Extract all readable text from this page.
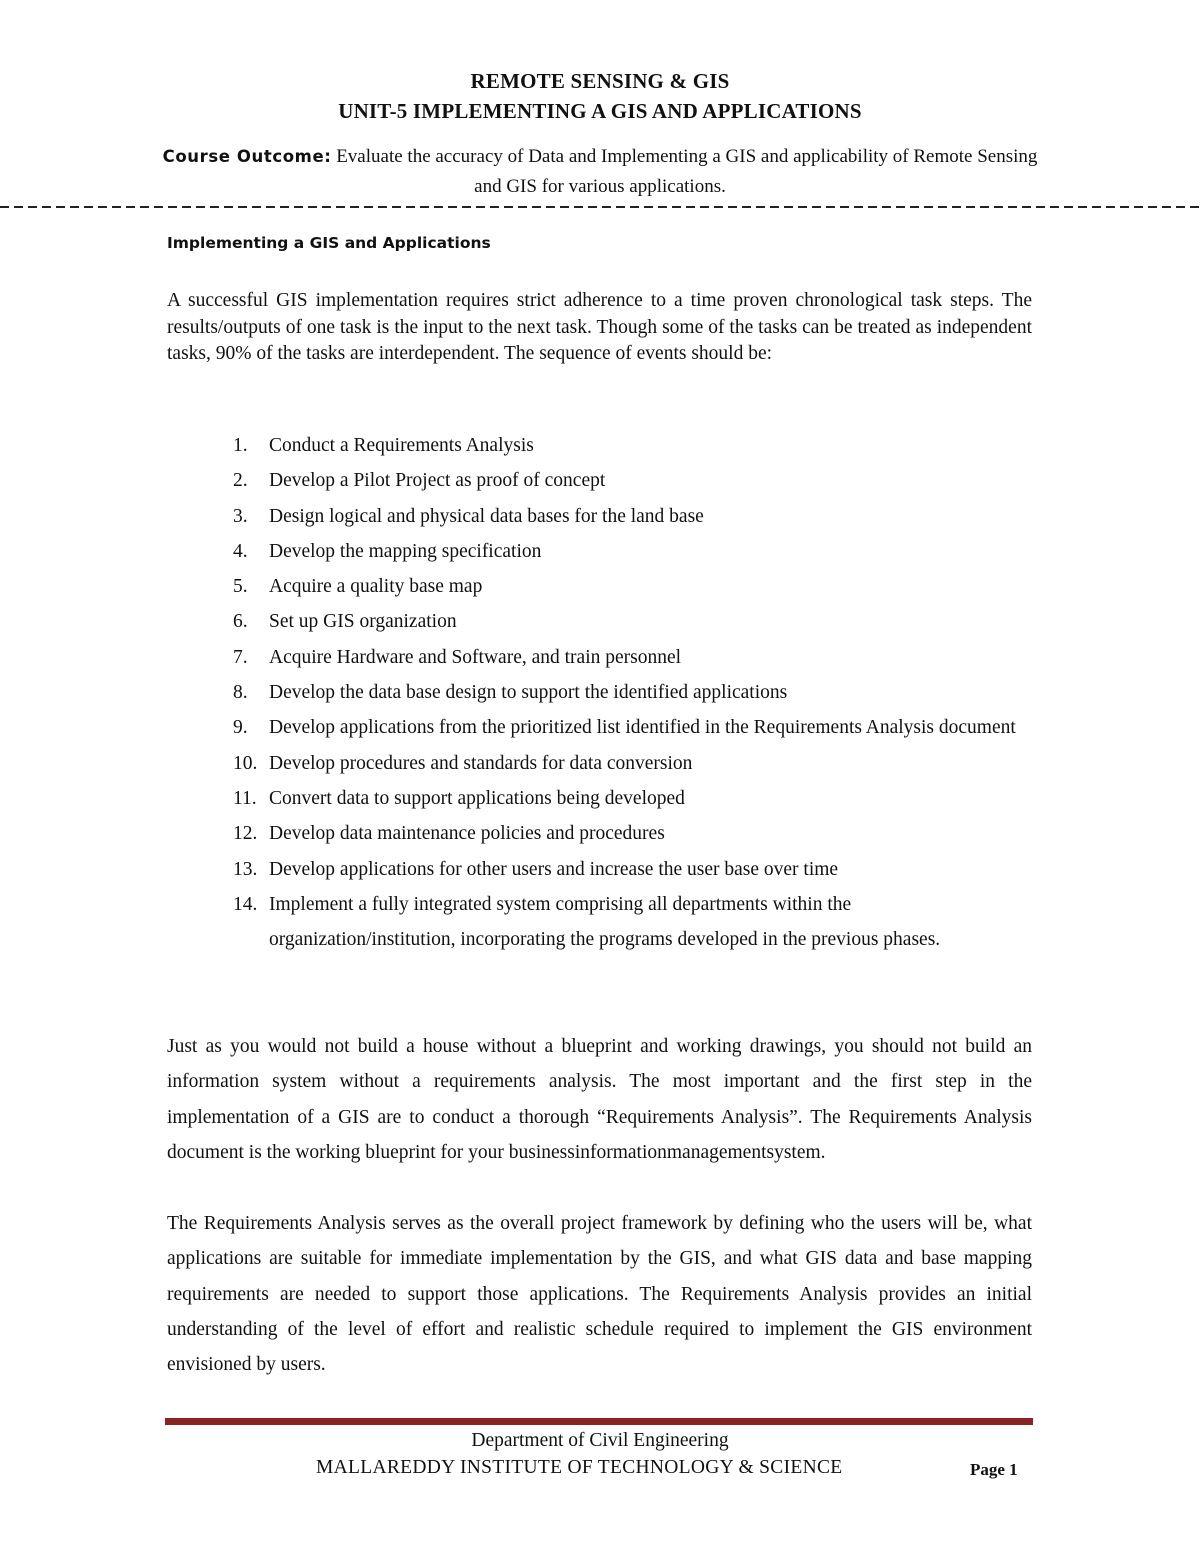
REMOTE SENSING & GIS
UNIT-5 IMPLEMENTING A GIS AND APPLICATIONS
Course Outcome: Evaluate the accuracy of Data and Implementing a GIS and applicability of Remote Sensing and GIS for various applications.
Implementing a GIS and Applications

A successful GIS implementation requires strict adherence to a time proven chronological task steps. The results/outputs of one task is the input to the next task. Though some of the tasks can be treated as independent tasks, 90% of the tasks are interdependent. The sequence of events should be:

1. Conduct a Requirements Analysis
2. Develop a Pilot Project as proof of concept
3. Design logical and physical data bases for the land base
4. Develop the mapping specification
5. Acquire a quality base map
6. Set up GIS organization
7. Acquire Hardware and Software, and train personnel
8. Develop the data base design to support the identified applications
9. Develop applications from the prioritized list identified in the Requirements Analysis document
10. Develop procedures and standards for data conversion
11. Convert data to support applications being developed
12. Develop data maintenance policies and procedures
13. Develop applications for other users and increase the user base over time
14. Implement a fully integrated system comprising all departments within the organization/institution, incorporating the programs developed in the previous phases.

Just as you would not build a house without a blueprint and working drawings, you should not build an information system without a requirements analysis. The most important and the first step in the implementation of a GIS are to conduct a thorough “Requirements Analysis”. The Requirements Analysis document is the working blueprint for your businessinformationmanagementsystem.

The Requirements Analysis serves as the overall project framework by defining who the users will be, what applications are suitable for immediate implementation by the GIS, and what GIS data and base mapping requirements are needed to support those applications. The Requirements Analysis provides an initial understanding of the level of effort and realistic schedule required to implement the GIS environment envisioned by users.

Department of Civil Engineering
MALLAREDDY INSTITUTE OF TECHNOLOGY & SCIENCE	Page 1
